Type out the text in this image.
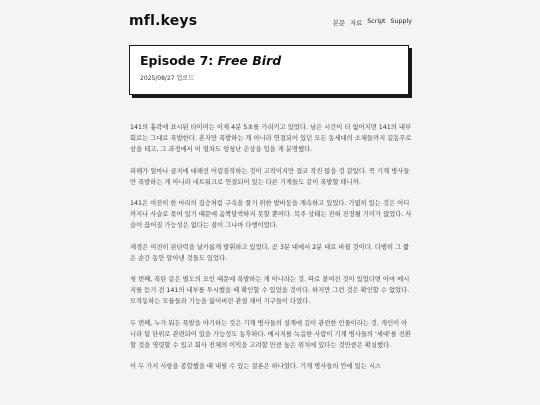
mfl.keys	본문 자료 Script Supply
Episode 7: Free Bird
2025/08/27 업로드

141의 흉곽에 표시된 타이머는 이제 4분 5초를 가리키고 있었다. 남은 시간이 더 없어지면 141의 내부 회로는 그대로 폭발한다. 혼자만 폭발하는 게 아니라 연결되어 있던 모든 동세대의 소체들까지 길동무로 삼을 테고, 그 과정에서 이 열차도 엄청난 손상을 입을 게 분명했다.

피해가 얼마나 클지에 대해선 어림짐작하는 것이 고작이지만 결코 작진 않을 것 같았다. 꼭 기계 병사들만 폭발하는 게 아니라 네트워크로 연결되어 있는 다른 기계들도 같이 폭발할 테니까.

141은 여전히 한 마리의 집승처럼 구속을 풀기 위한 발버둥을 계속하고 있었다. 가엾히 있는 것은 어디까지나 사슬로 묶여 있기 때문에 옴짝달싹하지 못할 뿐이다. 목주 상태는 전혀 진정될 기미가 없었다. 사슬이 끊어질 가능성은 없다는 점이 그나마 다행이었다.

세경은 여전히 판단력을 날카롭게 발휘하고 있었다. 곧 3분 대에서 2분 대로 바뀔 것이다. 다행히 그 짧은 순간 동안 알아낸 것들도 있었다.

첫 번째, 폭탄 같은 별도의 요인 때문에 폭발하는 게 아니라는 것. 따로 붙여진 것이 있었다면 아마 메시지를 듣기 전 141의 내부를 투시했을 때 확인할 수 있었을 것이다. 하지만 그런 것은 확인할 수 없었다. 모작동하는 모듈들과 기능을 잃어버린 관절 채어 기구들이 다였다.

두 번째, 누가 뭐든 폭발을 야기하는 것은 기계 병사들의 설계에 깊이 관련한 인물이라는 것. 개인이 아니라 팀 단위로 관련되어 있을 가능성도 농후하다. 메시지를 녹음한 사람이 기계 병사들의 '세대'를 전환할 것을 명령할 수 있고 회사 전체의 이익을 고려할 만큼 높은 위치에 있다는 것만큼은 확실했다.

이 두 가지 사항을 종합했을 때 내릴 수 있는 결론은 하나였다. 기계 병사들의 안에 있는 시스
